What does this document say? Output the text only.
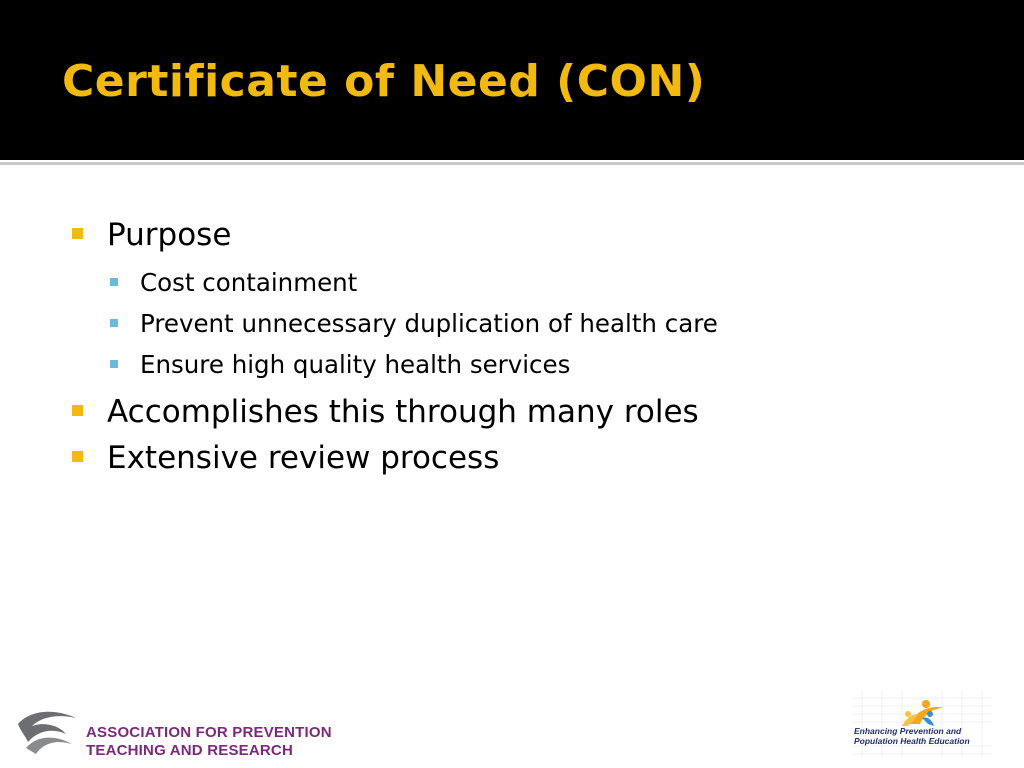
Certificate of Need (CON)
Purpose
Cost containment
Prevent unnecessary duplication of health care
Ensure high quality health services
Accomplishes this through many roles
Extensive review process
ASSOCIATION FOR PREVENTION
TEACHING AND RESEARCH
Enhancing Prevention and
Population Health Education
